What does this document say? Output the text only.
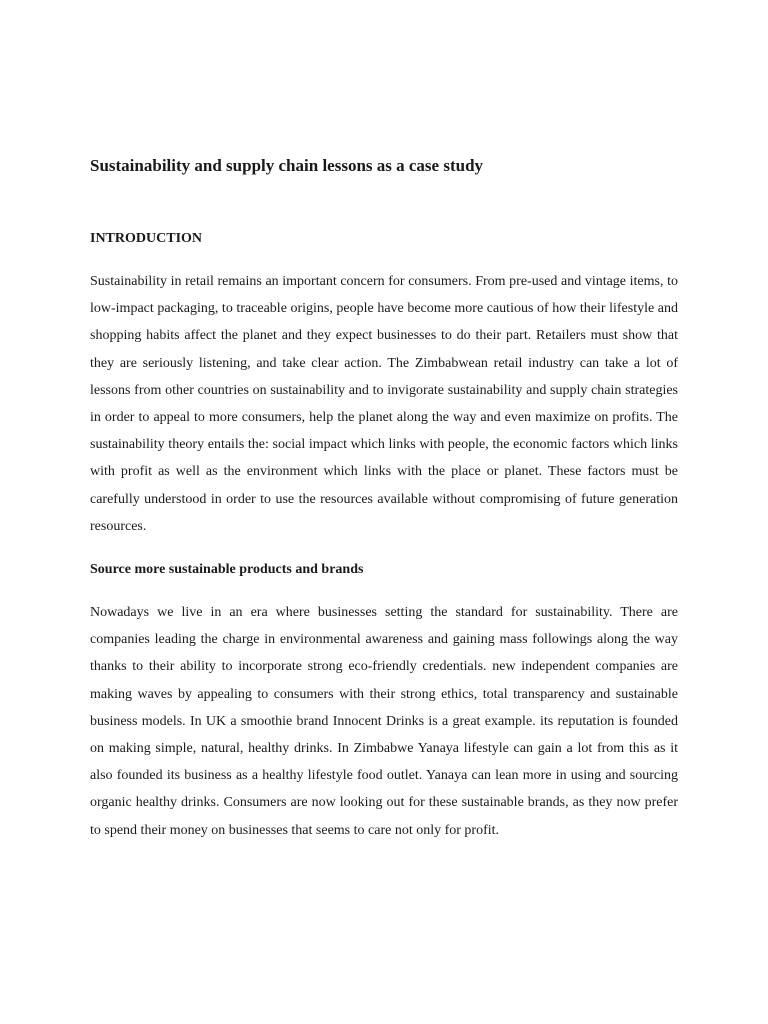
Sustainability and supply chain lessons as a case study
INTRODUCTION

Sustainability in retail remains an important concern for consumers. From pre-used and vintage items, to low-impact packaging, to traceable origins, people have become more cautious of how their lifestyle and shopping habits affect the planet and they expect businesses to do their part. Retailers must show that they are seriously listening, and take clear action. The Zimbabwean retail industry can take a lot of lessons from other countries on sustainability and to invigorate sustainability and supply chain strategies in order to appeal to more consumers, help the planet along the way and even maximize on profits. The sustainability theory entails the: social impact which links with people, the economic factors which links with profit as well as the environment which links with the place or planet. These factors must be carefully understood in order to use the resources available without compromising of future generation resources.

Source more sustainable products and brands

Nowadays we live in an era where businesses setting the standard for sustainability. There are companies leading the charge in environmental awareness and gaining mass followings along the way thanks to their ability to incorporate strong eco-friendly credentials. new independent companies are making waves by appealing to consumers with their strong ethics, total transparency and sustainable business models. In UK a smoothie brand Innocent Drinks is a great example. its reputation is founded on making simple, natural, healthy drinks. In Zimbabwe Yanaya lifestyle can gain a lot from this as it also founded its business as a healthy lifestyle food outlet. Yanaya can lean more in using and sourcing organic healthy drinks. Consumers are now looking out for these sustainable brands, as they now prefer to spend their money on businesses that seems to care not only for profit.
